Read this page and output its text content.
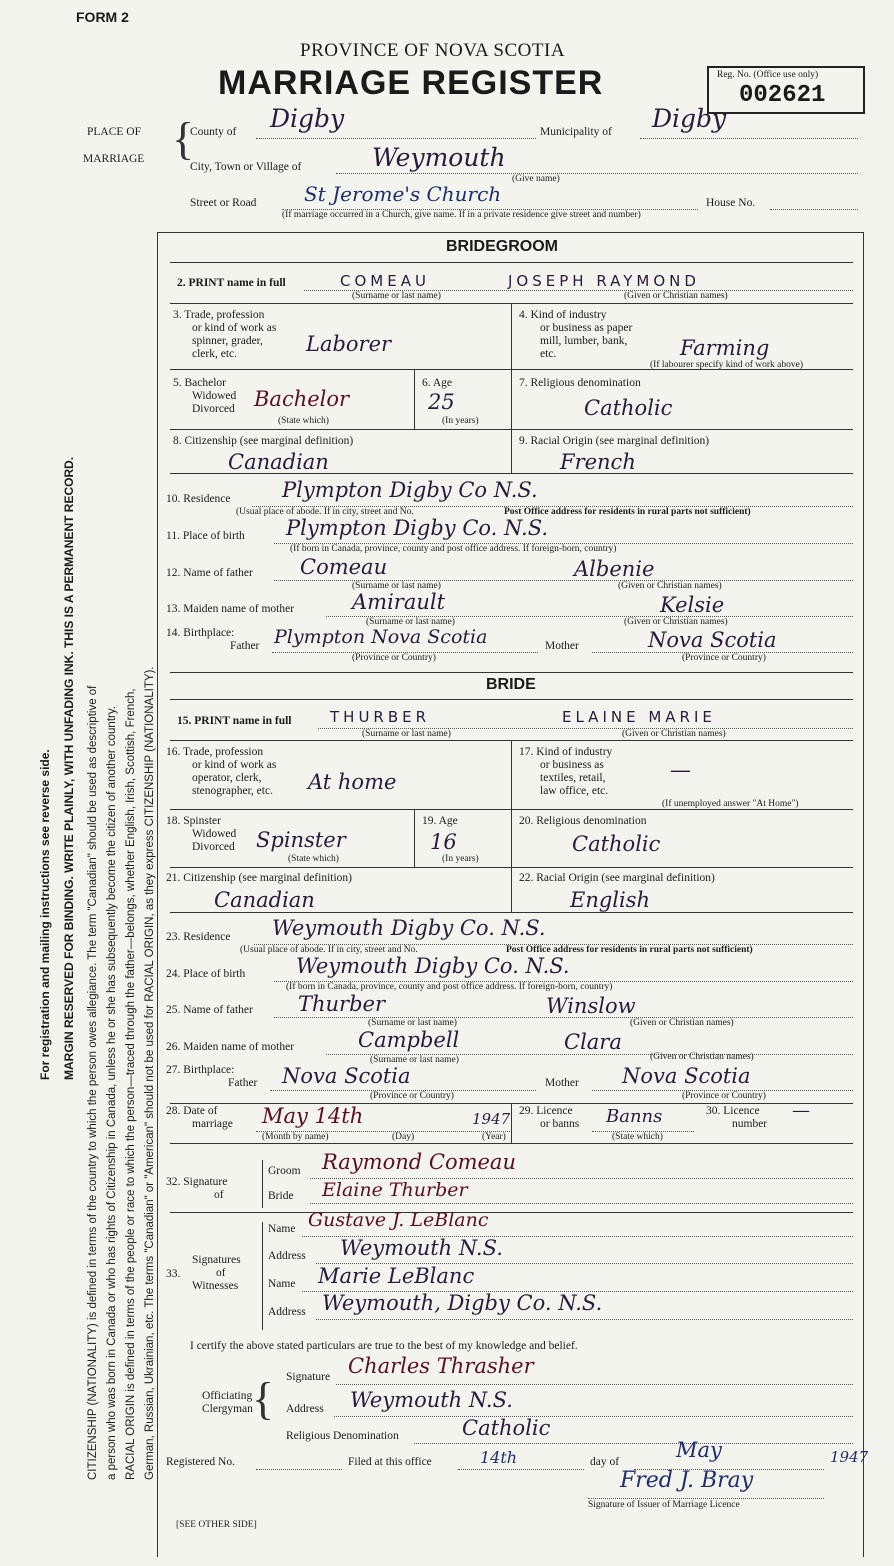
FORM 2
PROVINCE OF NOVA SCOTIA
MARRIAGE REGISTER	Reg. No. (Office use only)
002621
PLACE OF
MARRIAGE {
County of Digby	Municipality of Digby
City, Town or Village of	Weymouth
(Give name)
Street or Road St Jerome's Church	House No.
(If marriage occurred in a Church, give name. If in a private residence give street and number)
For registration and mailing instructions see reverse side. MARGIN RESERVED FOR BINDING. WRITE PLAINLY, WITH UNFADING INK. THIS IS A PERMANENT RECORD. CITIZENSHIP (NATIONALITY) is defined in terms of the country to which the person owes allegiance. The term "Canadian" should be used as descriptive of a person who was born in Canada or who has rights of Citizenship in Canada, unless he or she has subsequently become the citizen of another country. RACIAL ORIGIN is defined in terms of the people or race to which the person—traced through the father—belongs, whether English, Irish, Scottish, French, German, Russian, Ukrainian, etc. The terms "Canadian" or "American" should not be used for RACIAL ORIGIN, as they express CITIZENSHIP (NATIONALITY).
BRIDEGROOM
2. PRINT name in full	COMEAU	JOSEPH RAYMOND
(Surname or last name)	(Given or Christian names)
3. Trade, profession
or kind of work as
spinner, grader,
clerk, etc.	Laborer
4. Kind of industry
or business as paper
mill, lumber, bank,
etc.	Farming
(If labourer specify kind of work above)
5. Bachelor
Widowed
Divorced Bachelor
(State which)
6. Age
25
(In years)
7. Religious denomination
Catholic
8. Citizenship (see marginal definition)
Canadian
9. Racial Origin (see marginal definition)
French
10. Residence Plympton Digby Co N.S.
(Usual place of abode. If in city, street and No.	Post Office address for residents in rural parts not sufficient)
11. Place of birth Plympton Digby Co. N.S.
(If born in Canada, province, county and post office address. If foreign-born, country)
12. Name of father Comeau	Albenie
(Surname or last name)	(Given or Christian names)
13. Maiden name of mother	Amirault	Kelsie
(Surname or last name)	(Given or Christian names)
14. Birthplace:
Father Plympton Nova Scotia	Mother	Nova Scotia
(Province or Country)	(Province or Country)
BRIDE
15. PRINT name in full	THURBER	ELAINE MARIE
(Surname or last name)	(Given or Christian names)
16. Trade, profession
or kind of work as
operator, clerk,
stenographer, etc. At home
17. Kind of industry
or business as
textiles, retail,
law office, etc.
—
(If unemployed answer "At Home")
18. Spinster
Widowed
Divorced Spinster
(State which)
19. Age
16
(In years)
20. Religious denomination
Catholic
21. Citizenship (see marginal definition)
Canadian
22. Racial Origin (see marginal definition)
English
23. Residence Weymouth Digby Co. N.S.
(Usual place of abode. If in city, street and No.	Post Office address for residents in rural parts not sufficient)
24. Place of birth Weymouth Digby Co. N.S.
(If born in Canada, province, county and post office address. If foreign-born, country)
25. Name of father Thurber	Winslow
(Surname or last name)	(Given or Christian names)
26. Maiden name of mother	Campbell	Clara
(Surname or last name)	(Given or Christian names)
27. Birthplace:
Father Nova Scotia	Mother Nova Scotia
(Province or Country)	(Province or Country)
28. Date of
marriage May 14th	1947
(Month by name)	(Day)	(Year)
29. Licence
or banns Banns
(State which)
30. Licence
number
—
32. Signature
of
Groom Raymond Comeau
Bride Elaine Thurber
Signatures
33.	of
Witnesses
Name Gustave J. LeBlanc
Address Weymouth N.S.
Name Marie LeBlanc
Address Weymouth, Digby Co. N.S.
I certify the above stated particulars are true to the best of my knowledge and belief.
Signature Charles Thrasher
Officiating
Clergyman { Address Weymouth N.S.
Religious Denomination	Catholic
Registered No.	Filed at this office	14th	day of	May	1947
Fred J. Bray
Signature of Issuer of Marriage Licence
[SEE OTHER SIDE]
